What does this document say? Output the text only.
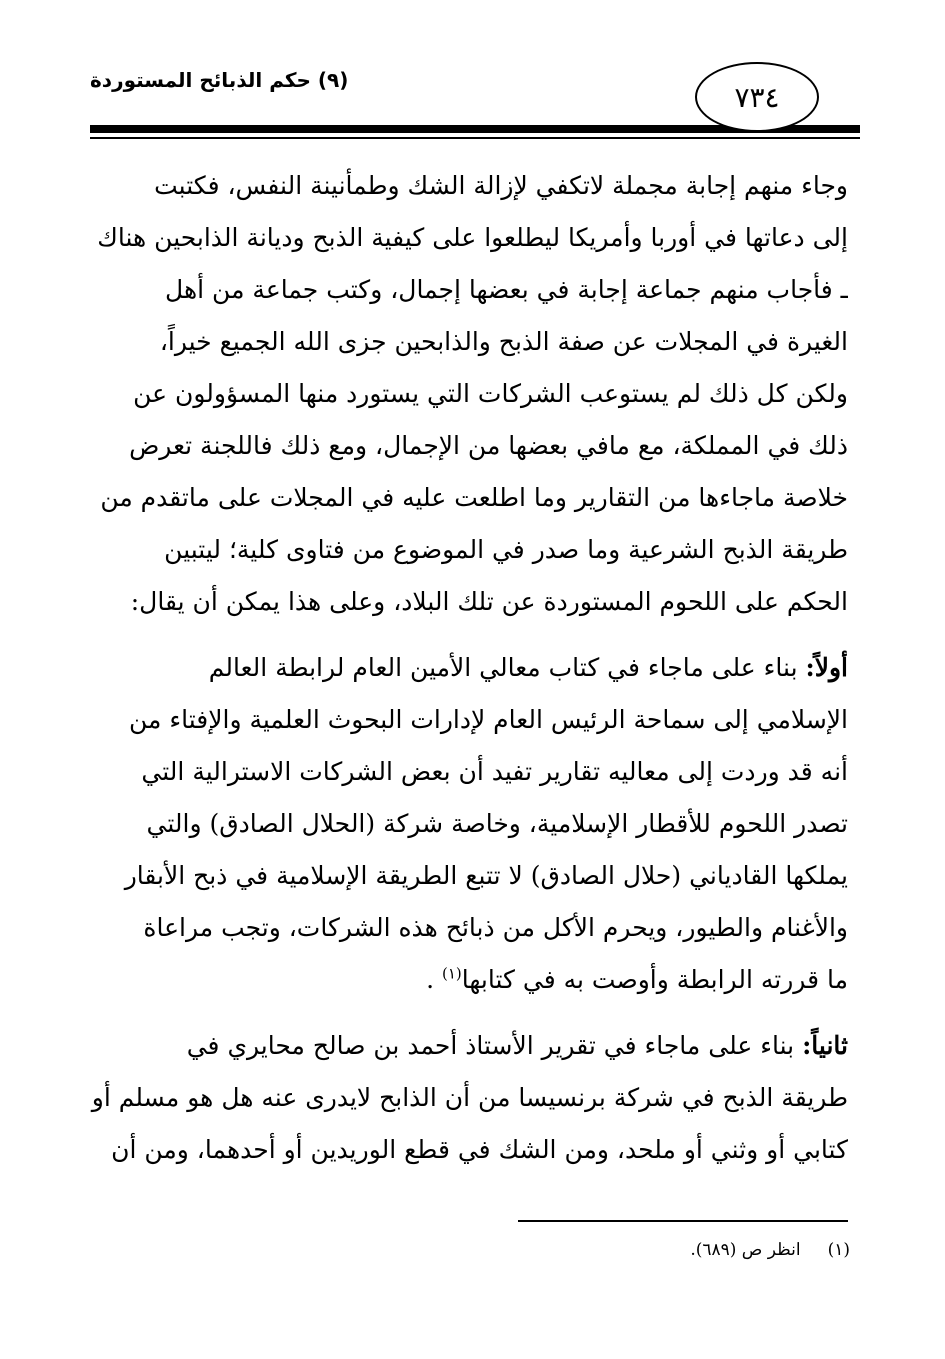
(٩) حكم الذبائح المستوردة
٧٣٤
وجاء منهم إجابة مجملة لاتكفي لإزالة الشك وطمأنينة النفس، فكتبت
إلى دعاتها في أوربا وأمريكا ليطلعوا على كيفية الذبح وديانة الذابحين هناك
ـ فأجاب منهم جماعة إجابة في بعضها إجمال، وكتب جماعة من أهل
الغيرة في المجلات عن صفة الذبح والذابحين جزى الله الجميع خيراً،
ولكن كل ذلك لم يستوعب الشركات التي يستورد منها المسؤولون عن
ذلك في المملكة، مع مافي بعضها من الإجمال، ومع ذلك فاللجنة تعرض
خلاصة ماجاءها من التقارير وما اطلعت عليه في المجلات على ماتقدم من
طريقة الذبح الشرعية وما صدر في الموضوع من فتاوى كلية؛ ليتبين
الحكم على اللحوم المستوردة عن تلك البلاد، وعلى هذا يمكن أن يقال:
أولاً: بناء على ماجاء في كتاب معالي الأمين العام لرابطة العالم
الإسلامي إلى سماحة الرئيس العام لإدارات البحوث العلمية والإفتاء من
أنه قد وردت إلى معاليه تقارير تفيد أن بعض الشركات الاسترالية التي
تصدر اللحوم للأقطار الإسلامية، وخاصة شركة (الحلال الصادق) والتي
يملكها القادياني (حلال الصادق) لا تتبع الطريقة الإسلامية في ذبح الأبقار
والأغنام والطيور، ويحرم الأكل من ذبائح هذه الشركات، وتجب مراعاة
ما قررته الرابطة وأوصت به في كتابها$^{(١)}$ .
ثانياً: بناء على ماجاء في تقرير الأستاذ أحمد بن صالح محايري في
طريقة الذبح في شركة برنسيسا من أن الذابح لايدرى عنه هل هو مسلم أو
كتابي أو وثني أو ملحد، ومن الشك في قطع الوريدين أو أحدهما، ومن أن
(١)     انظر ص (٦٨٩).
